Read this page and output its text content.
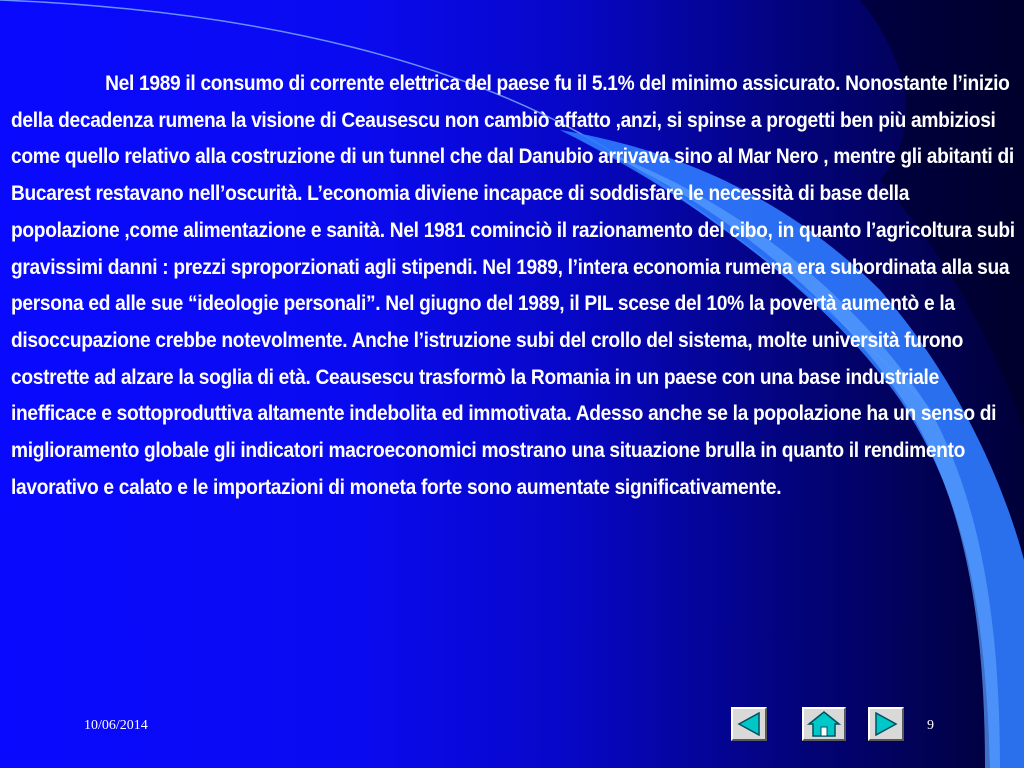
Nel 1989 il consumo di corrente elettrica del paese fu il 5.1% del minimo assicurato. Nonostante l’inizio della decadenza rumena la visione di Ceausescu non cambiò affatto ,anzi, si spinse a progetti ben più ambiziosi come quello relativo alla costruzione di un tunnel che dal Danubio arrivava sino al Mar Nero , mentre gli abitanti di Bucarest restavano nell’oscurità. L’economia diviene incapace di soddisfare le necessità di base della popolazione ,come alimentazione e sanità. Nel 1981 cominciò il razionamento del cibo, in quanto l’agricoltura subi gravissimi danni : prezzi sproporzionati agli stipendi. Nel 1989, l’intera economia rumena era subordinata alla sua persona ed alle sue “ideologie personali”. Nel giugno del 1989, il PIL scese del 10% la povertà aumentò e la disoccupazione crebbe notevolmente. Anche l’istruzione subi del crollo del sistema, molte università furono costrette ad alzare la soglia di età. Ceausescu trasformò la Romania in un paese con una base industriale inefficace e sottoproduttiva altamente indebolita ed immotivata. Adesso anche se la popolazione ha un senso di miglioramento globale gli indicatori macroeconomici mostrano una situazione brulla in quanto il rendimento lavorativo e calato e le importazioni di moneta forte sono aumentate significativamente.

10/06/2014	9
